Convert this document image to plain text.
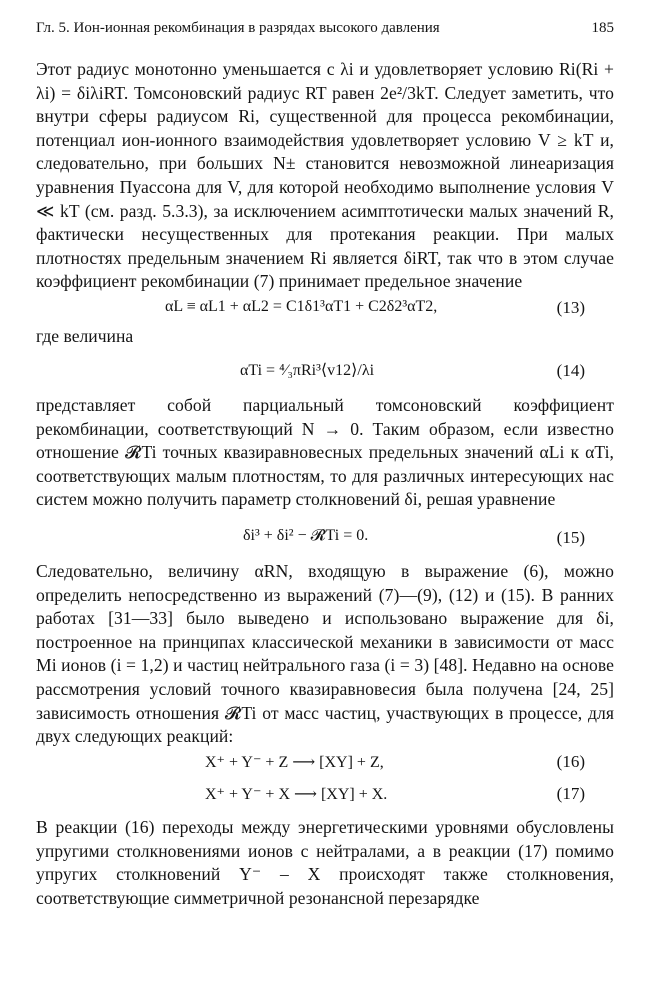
Гл. 5. Ион-ионная рекомбинация в разрядах высокого давления	185
Этот радиус монотонно уменьшается с λi и удовлетворяет условию Ri(Ri + λi) = δiλiRT. Томсоновский радиус RT равен 2e²/3kT. Следует заметить, что внутри сферы радиусом Ri, существенной для процесса рекомбинации, потенциал ион-ионного взаимодействия удовлетворяет условию V ≥ kT и, следовательно, при больших N± становится невозможной линеаризация уравнения Пуассона для V, для которой необходимо выполнение условия V ≪ kT (см. разд. 5.3.3), за исключением асимптотически малых значений R, фактически несущественных для протекания реакции. При малых плотностях предельным значением Ri является δiRT, так что в этом случае коэффициент рекомбинации (7) принимает предельное значение
αL ≡ αL1 + αL2 = C1δ1³αT1 + C2δ2³αT2,	(13)
где величина
αTi = ⁴⁄₃πRi³⟨v12⟩/λi	(14)
представляет собой парциальный томсоновский коэффициент рекомбинации, соответствующий N → 0. Таким образом, если известно отношение 𝓡Ti точных квазиравновесных предельных значений αLi к αTi, соответствующих малым плотностям, то для различных интересующих нас систем можно получить параметр столкновений δi, решая уравнение
δi³ + δi² − 𝓡Ti = 0.	(15)
Следовательно, величину αRN, входящую в выражение (6), можно определить непосредственно из выражений (7)—(9), (12) и (15). В ранних работах [31—33] было выведено и использовано выражение для δi, построенное на принципах классической механики в зависимости от масс Mi ионов (i = 1,2) и частиц нейтрального газа (i = 3) [48]. Недавно на основе рассмотрения условий точного квазиравновесия была получена [24, 25] зависимость отношения 𝓡Ti от масс частиц, участвующих в процессе, для двух следующих реакций:
X⁺ + Y⁻ + Z ⟶ [XY] + Z,	(16)
X⁺ + Y⁻ + X ⟶ [XY] + X.	(17)
В реакции (16) переходы между энергетическими уровнями обусловлены упругими столкновениями ионов с нейтралами, а в реакции (17) помимо упругих столкновений Y⁻ – X происходят также столкновения, соответствующие симметричной резонансной перезарядке
